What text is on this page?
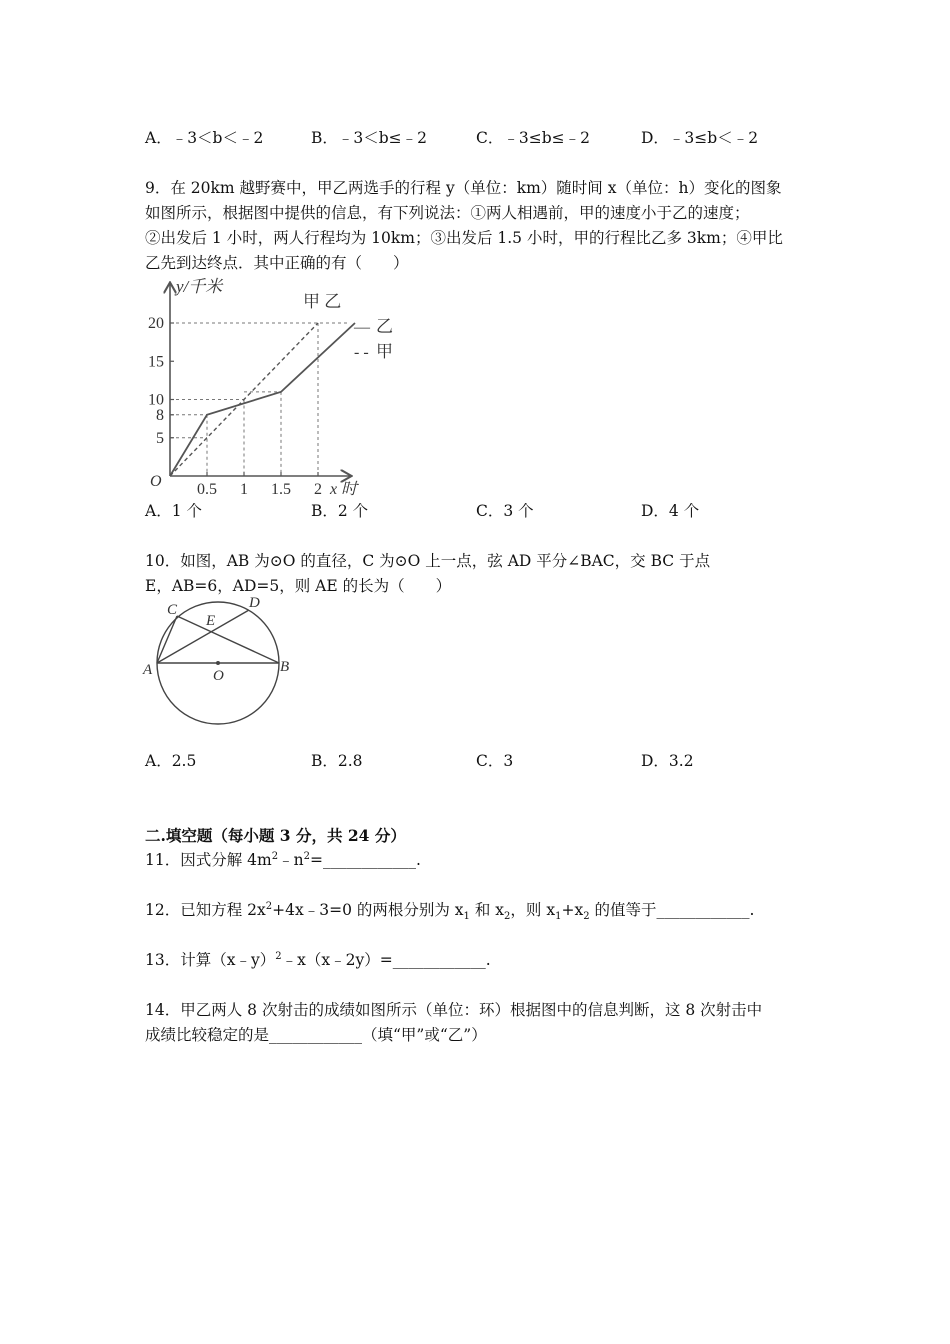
A．﹣3＜b＜﹣2	B．﹣3＜b≤﹣2	C．﹣3≤b≤﹣2	D．﹣3≤b＜﹣2
9．在 20km 越野赛中，甲乙两选手的行程 y（单位：km）随时间 x（单位：h）变化的图象
如图所示，根据图中提供的信息，有下列说法：①两人相遇前，甲的速度小于乙的速度；
②出发后 1 小时，两人行程均为 10km；③出发后 1.5 小时，甲的行程比乙多 3km；④甲比
乙先到达终点．其中正确的有（　　）
y/千米
O	x 时
甲 乙
— 乙
- - 甲
5
8
10
15
20
0.5 1 1.5 2
A．1 个	B．2 个	C．3 个	D．4 个
10．如图，AB 为⊙O 的直径，C 为⊙O 上一点，弦 AD 平分∠BAC，交 BC 于点
E，AB=6，AD=5，则 AE 的长为（　　）
C	D
E
A	B
O
A．2.5	B．2.8	C．3	D．3.2
二.填空题（每小题 3 分，共 24 分）
11．因式分解 $4m^2﹣n^2=\_\_\_\_\_\_\_\_\_\_\_\_$.
12．已知方程 $2x^2+4x﹣3=0$ 的两根分别为 $x_1$ 和 $x_2$，则 $x_1+x_2$ 的值等于____________.
13．计算（x﹣y）$^2$﹣x（x﹣2y）=____________.
14．甲乙两人 8 次射击的成绩如图所示（单位：环）根据图中的信息判断，这 8 次射击中
成绩比较稳定的是____________（填“甲”或“乙”）
